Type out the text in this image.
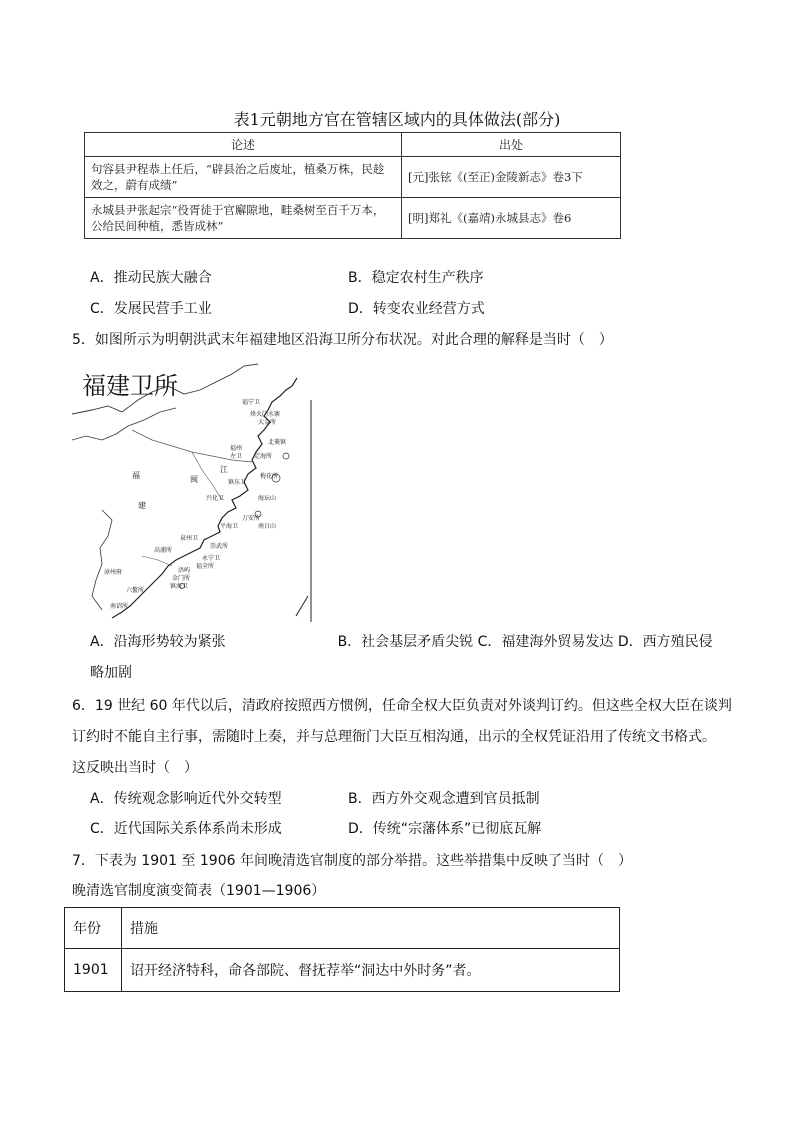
表1元朝地方官在管辖区域内的具体做法(部分)
论述	出处
句容县尹程恭上任后，“辟县治之后废址，植桑万株，民趁效之，蔚有成绩”	[元]张铉《(至正)金陵新志》卷3下
永城县尹张起宗“役胥徒于官廨隙地，畦桑树至百千万本，公给民间种植，悉皆成林”	[明]郑礼《(嘉靖)永城县志》卷6
A．推动民族大融合	B．稳定农村生产秩序
C．发展民营手工业	D．转变农业经营方式
5．如图所示为明朝洪武末年福建地区沿海卫所分布状况。对此合理的解释是当时（　）
福建卫所
福
建
闽
江
福宁卫
烽火门水寨
大金所
北菱镇
福州
左卫 定海所
梅花所
镇东卫
兴化卫
平海卫
海坛山
万安所
南日山
崇武所
泉州卫
永宁卫
福全所
金门所
镇海卫
六鳌所
漳州府
南诏所
高浦所
浯屿
A．沿海形势较为紧张　　　　　　　　B．社会基层矛盾尖锐 C．福建海外贸易发达 D．西方殖民侵
略加剧
6．19 世纪 60 年代以后，清政府按照西方惯例，任命全权大臣负责对外谈判订约。但这些全权大臣在谈判
订约时不能自主行事，需随时上奏，并与总理衙门大臣互相沟通，出示的全权凭证沿用了传统文书格式。
这反映出当时（　）
A．传统观念影响近代外交转型	B．西方外交观念遭到官员抵制
C．近代国际关系体系尚未形成	D．传统“宗藩体系”已彻底瓦解
7．下表为 1901 至 1906 年间晚清选官制度的部分举措。这些举措集中反映了当时（　）
晚清选官制度演变简表（1901—1906）
年份	措施
1901	诏开经济特科，命各部院、督抚荐举“洞达中外时务”者。
